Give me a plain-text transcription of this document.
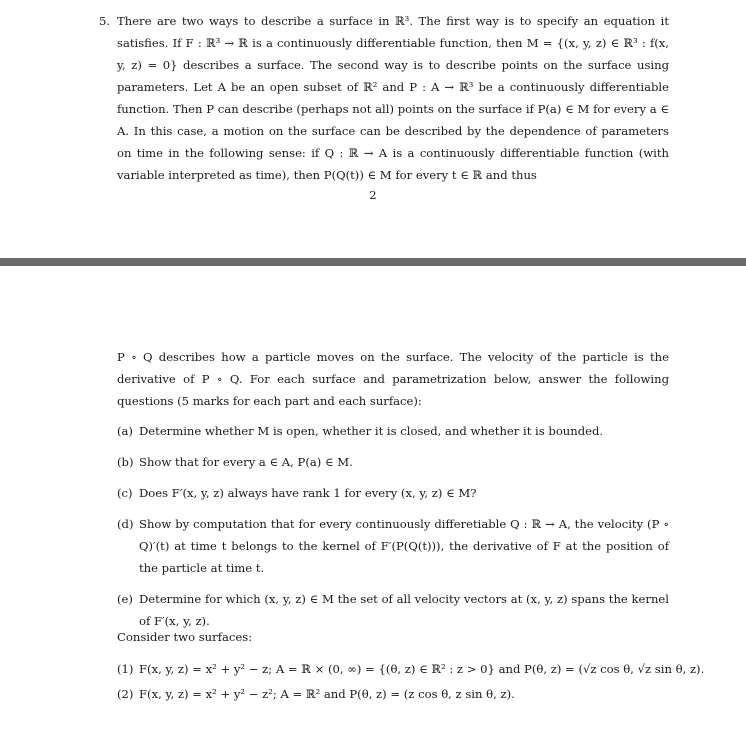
5. There are two ways to describe a surface in ℝ³. The first way is to specify an equation it satisfies. If F : ℝ³ → ℝ is a continuously differentiable function, then M = {(x, y, z) ∈ ℝ³ : f(x, y, z) = 0} describes a surface. The second way is to describe points on the surface using parameters. Let A be an open subset of ℝ² and P : A → ℝ³ be a continuously differentiable function. Then P can describe (perhaps not all) points on the surface if P(a) ∈ M for every a ∈ A. In this case, a motion on the surface can be described by the dependence of parameters on time in the following sense: if Q : ℝ → A is a continuously differentiable function (with variable interpreted as time), then P(Q(t)) ∈ M for every t ∈ ℝ and thus
2
P ∘ Q describes how a particle moves on the surface. The velocity of the particle is the derivative of P ∘ Q. For each surface and parametrization below, answer the following questions (5 marks for each part and each surface):
(a) Determine whether M is open, whether it is closed, and whether it is bounded.
(b) Show that for every a ∈ A, P(a) ∈ M.
(c) Does F′(x, y, z) always have rank 1 for every (x, y, z) ∈ M?
(d) Show by computation that for every continuously differetiable Q : ℝ → A, the velocity (P ∘ Q)′(t) at time t belongs to the kernel of F′(P(Q(t))), the derivative of F at the position of the particle at time t.
(e) Determine for which (x, y, z) ∈ M the set of all velocity vectors at (x, y, z) spans the kernel of F′(x, y, z).
Consider two surfaces:
(1) F(x, y, z) = x² + y² − z; A = ℝ × (0, ∞) = {(θ, z) ∈ ℝ² : z > 0} and P(θ, z) = (√z cos θ, √z sin θ, z).
(2) F(x, y, z) = x² + y² − z²; A = ℝ² and P(θ, z) = (z cos θ, z sin θ, z).
